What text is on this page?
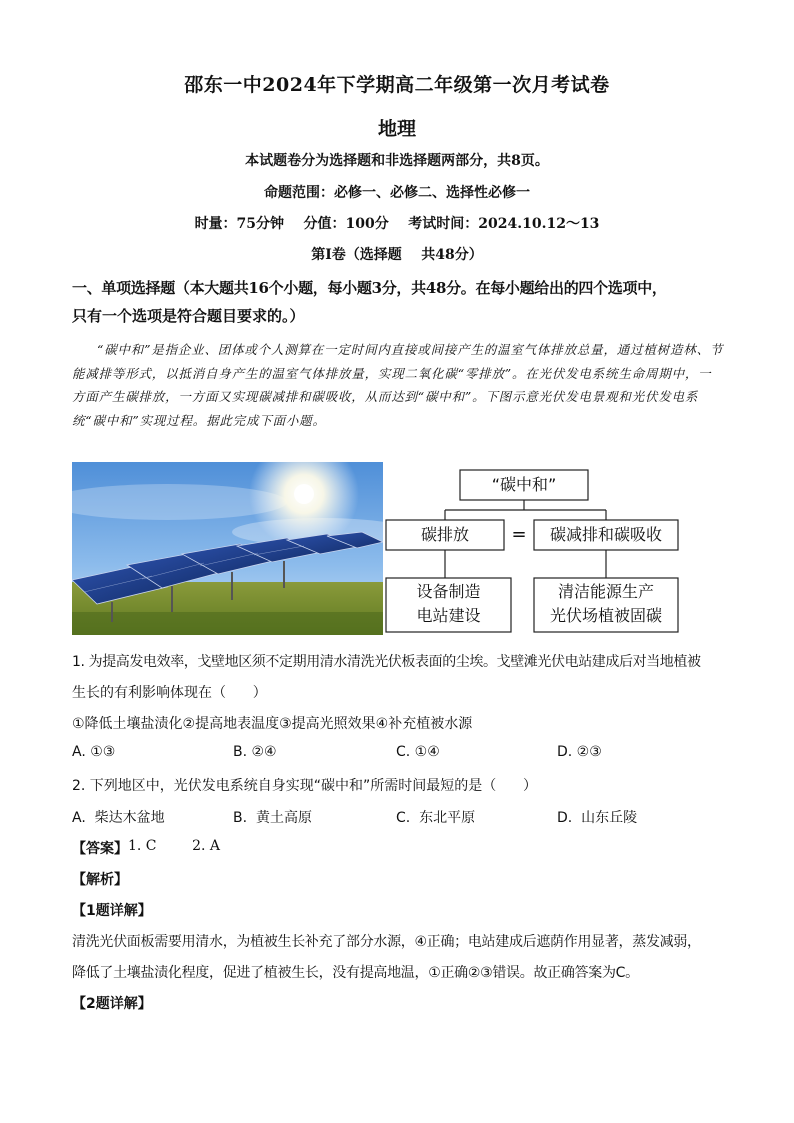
邵东一中2024年下学期高二年级第一次月考试卷
地理
本试题卷分为选择题和非选择题两部分，共8页。
命题范围：必修一、必修二、选择性必修一
时量：75分钟    分值：100分    考试时间：2024.10.12～13
第Ⅰ卷（选择题    共48分）
一、单项选择题（本大题共16个小题，每小题3分，共48分。在每小题给出的四个选项中，
只有一个选项是符合题目要求的。）
“碳中和”是指企业、团体或个人测算在一定时间内直接或间接产生的温室气体排放总量，通过植树造林、节能减排等形式，以抵消自身产生的温室气体排放量，实现二氧化碳“零排放”。在光伏发电系统生命周期中，一方面产生碳排放，一方面又实现碳减排和碳吸收，从而达到“碳中和”。下图示意光伏发电景观和光伏发电系统“碳中和”实现过程。据此完成下面小题。
“碳中和”
碳排放	=	碳减排和碳吸收
设备制造
电站建设
清洁能源生产
光伏场植被固碳
1. 为提高发电效率，戈壁地区须不定期用清水清洗光伏板表面的尘埃。戈壁滩光伏电站建成后对当地植被
生长的有利影响体现在（      ）
①降低土壤盐渍化②提高地表温度③提高光照效果④补充植被水源
A. ①③	B. ②④	C. ①④	D. ②③
2. 下列地区中，光伏发电系统自身实现“碳中和”所需时间最短的是（      ）
A.  柴达木盆地	B.  黄土高原	C.  东北平原	D.  山东丘陵
【答案】 1. C        2. A
【解析】
【1题详解】
清洗光伏面板需要用清水，为植被生长补充了部分水源，④正确；电站建成后遮荫作用显著，蒸发减弱，
降低了土壤盐渍化程度，促进了植被生长，没有提高地温，①正确②③错误。故正确答案为C。
【2题详解】
